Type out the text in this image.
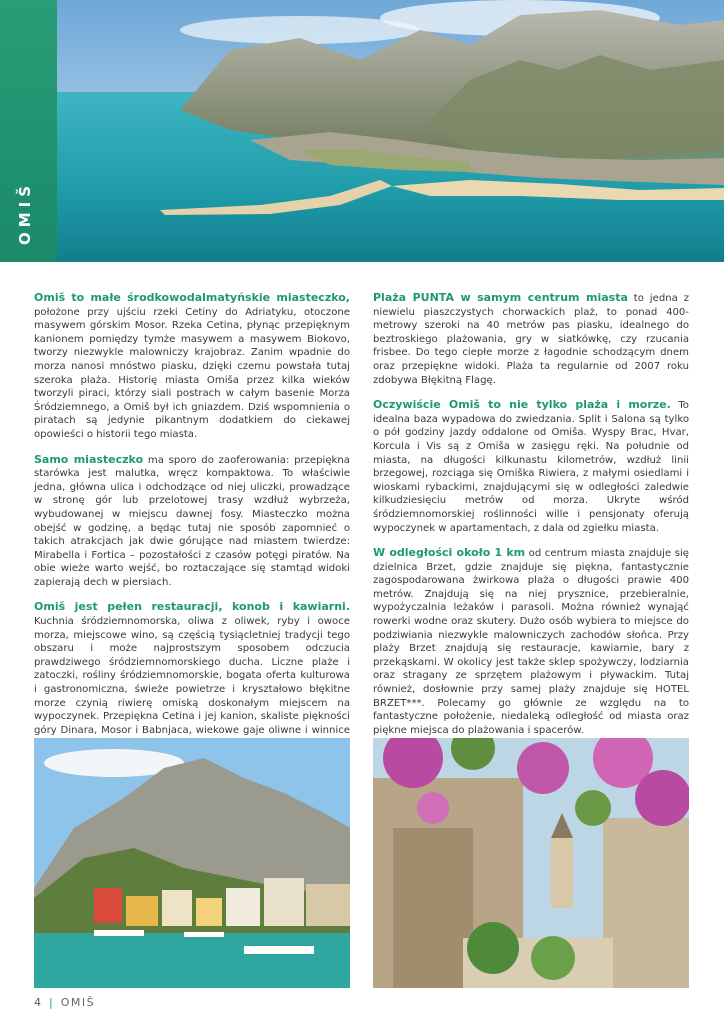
OMIŠ

Omiš to małe środkowodalmatyńskie miasteczko, położone przy ujściu rzeki Cetiny do Adriatyku, otoczone masywem górskim Mosor. Rzeka Cetina, płynąc przepięknym kanionem pomiędzy tymże masywem a masywem Biokovo, tworzy niezwykle malowniczy krajobraz. Zanim wpadnie do morza nanosi mnóstwo piasku, dzięki czemu powstała tutaj szeroka plaża. Historię miasta Omiša przez kilka wieków tworzyli piraci, którzy siali postrach w całym basenie Morza Śródziemnego, a Omiš był ich gniazdem. Dziś wspomnienia o piratach są jedynie pikantnym dodatkiem do ciekawej opowieści o historii tego miasta.

Samo miasteczko ma sporo do zaoferowania: przepiękna starówka jest malutka, wręcz kompaktowa. To właściwie jedna, główna ulica i odchodzące od niej uliczki, prowadzące w stronę gór lub przelotowej trasy wzdłuż wybrzeża, wybudowanej w miejscu dawnej fosy. Miasteczko można obejść w godzinę, a będąc tutaj nie sposób zapomnieć o takich atrakcjach jak dwie górujące nad miastem twierdze: Mirabella i Fortica – pozostałości z czasów potęgi piratów. Na obie wieże warto wejść, bo roztaczające się stamtąd widoki zapierają dech w piersiach.

Omiš jest pełen restauracji, konob i kawiarni. Kuchnia śródziemnomorska, oliwa z oliwek, ryby i owoce morza, miejscowe wino, są częścią tysiącletniej tradycji tego obszaru i może najprostszym sposobem odczucia prawdziwego śródziemnomorskiego ducha. Liczne plaże i zatoczki, rośliny śródziemnomorskie, bogata oferta kulturowa i gastronomiczna, świeże powietrze i kryształowo błękitne morze czynią riwierę omiską doskonałym miejscem na wypoczynek. Przepiękna Cetina i jej kanion, skaliste piękności góry Dinara, Mosor i Babnjaca, wiekowe gaje oliwne i winnice

Plaża PUNTA w samym centrum miasta to jedna z niewielu piaszczystych chorwackich plaż, to ponad 400-metrowy szeroki na 40 metrów pas piasku, idealnego do beztroskiego plażowania, gry w siatkówkę, czy rzucania frisbee. Do tego ciepłe morze z łagodnie schodzącym dnem oraz przepiękne widoki. Plaża ta regularnie od 2007 roku zdobywa Błękitną Flagę.

Oczywiście Omiš to nie tylko plaża i morze. To idealna baza wypadowa do zwiedzania. Split i Salona są tylko o pół godziny jazdy oddalone od Omiša. Wyspy Brac, Hvar, Korcula i Vis są z Omiša w zasięgu ręki. Na południe od miasta, na długości kilkunastu kilometrów, wzdłuż linii brzegowej, rozciąga się Omiška Riwiera, z małymi osiedlami i wioskami rybackimi, znajdującymi się w odległości zaledwie kilkudziesięciu metrów od morza. Ukryte wśród śródziemnomorskiej roślinności wille i pensjonaty oferują wypoczynek w apartamentach, z dala od zgiełku miasta.

W odległości około 1 km od centrum miasta znajduje się dzielnica Brzet, gdzie znajduje się piękna, fantastycznie zagospodarowana żwirkowa plaża o długości prawie 400 metrów. Znajdują się na niej prysznice, przebieralnie, wypożyczalnia leżaków i parasoli. Można również wynająć rowerki wodne oraz skutery. Dużo osób wybiera to miejsce do podziwiania niezwykle malowniczych zachodów słońca. Przy plaży Brzet znajdują się restauracje, kawiarnie, bary z przekąskami. W okolicy jest także sklep spożywczy, lodziarnia oraz stragany ze sprzętem plażowym i pływackim. Tutaj również, dosłownie przy samej plaży znajduje się HOTEL BRZET***. Polecamy go głównie ze względu na to fantastyczne położenie, niedaleką odległość od miasta oraz piękne miejsca do plażowania i spacerów.

4 | OMIŠ
